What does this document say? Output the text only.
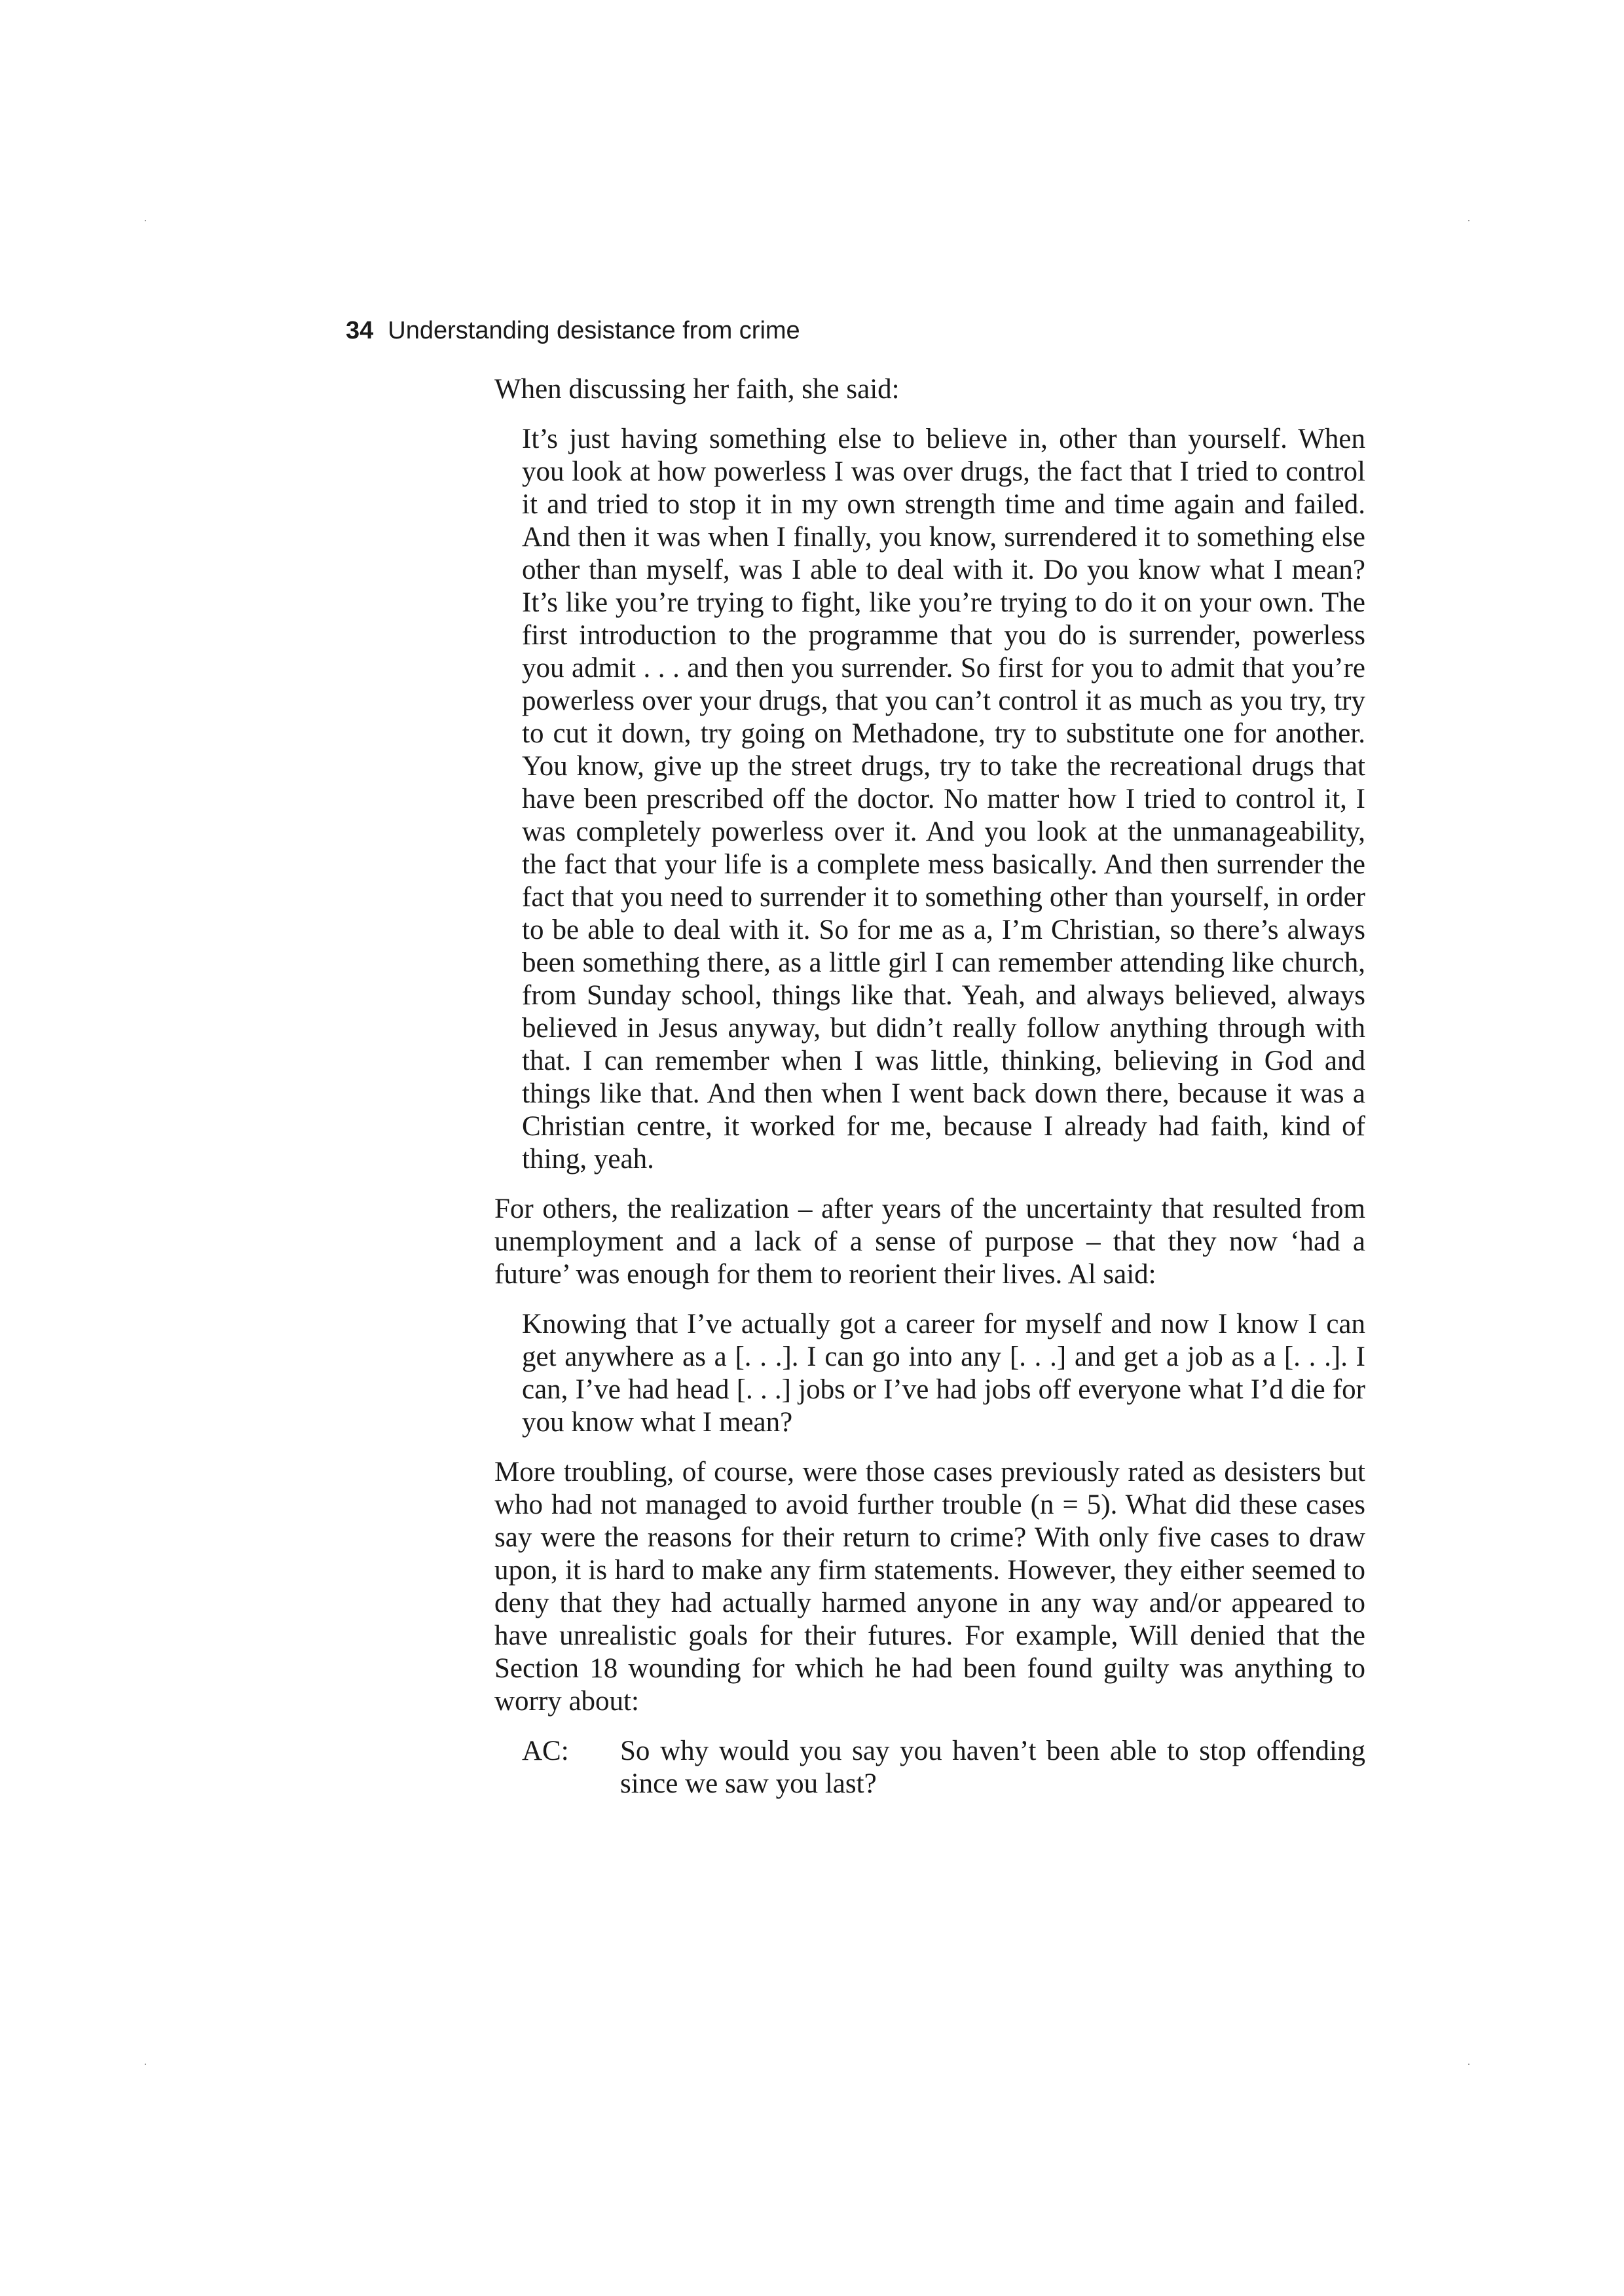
34 Understanding desistance from crime

When discussing her faith, she said:

It’s just having something else to believe in, other than yourself. When you look at how powerless I was over drugs, the fact that I tried to control it and tried to stop it in my own strength time and time again and failed. And then it was when I finally, you know, surrendered it to something else other than myself, was I able to deal with it. Do you know what I mean? It’s like you’re trying to fight, like you’re trying to do it on your own. The first introduction to the programme that you do is surrender, powerless you admit . . . and then you surrender. So first for you to admit that you’re powerless over your drugs, that you can’t control it as much as you try, try to cut it down, try going on Methadone, try to substitute one for another. You know, give up the street drugs, try to take the recreational drugs that have been prescribed off the doctor. No matter how I tried to control it, I was completely powerless over it. And you look at the unmanageability, the fact that your life is a complete mess basically. And then surrender the fact that you need to surrender it to something other than yourself, in order to be able to deal with it. So for me as a, I’m Christian, so there’s always been something there, as a little girl I can remember attending like church, from Sunday school, things like that. Yeah, and always believed, always believed in Jesus anyway, but didn’t really follow anything through with that. I can remember when I was little, thinking, believing in God and things like that. And then when I went back down there, because it was a Christian centre, it worked for me, because I already had faith, kind of thing, yeah.

For others, the realization – after years of the uncertainty that resulted from unemployment and a lack of a sense of purpose – that they now ‘had a future’ was enough for them to reorient their lives. Al said:

Knowing that I’ve actually got a career for myself and now I know I can get anywhere as a [. . .]. I can go into any [. . .] and get a job as a [. . .]. I can, I’ve had head [. . .] jobs or I’ve had jobs off everyone what I’d die for you know what I mean?

More troubling, of course, were those cases previously rated as desisters but who had not managed to avoid further trouble (n = 5). What did these cases say were the reasons for their return to crime? With only five cases to draw upon, it is hard to make any firm statements. However, they either seemed to deny that they had actually harmed anyone in any way and/or appeared to have unrealistic goals for their futures. For example, Will denied that the Section 18 wounding for which he had been found guilty was anything to worry about:

AC:	So why would you say you haven’t been able to stop offending since we saw you last?
